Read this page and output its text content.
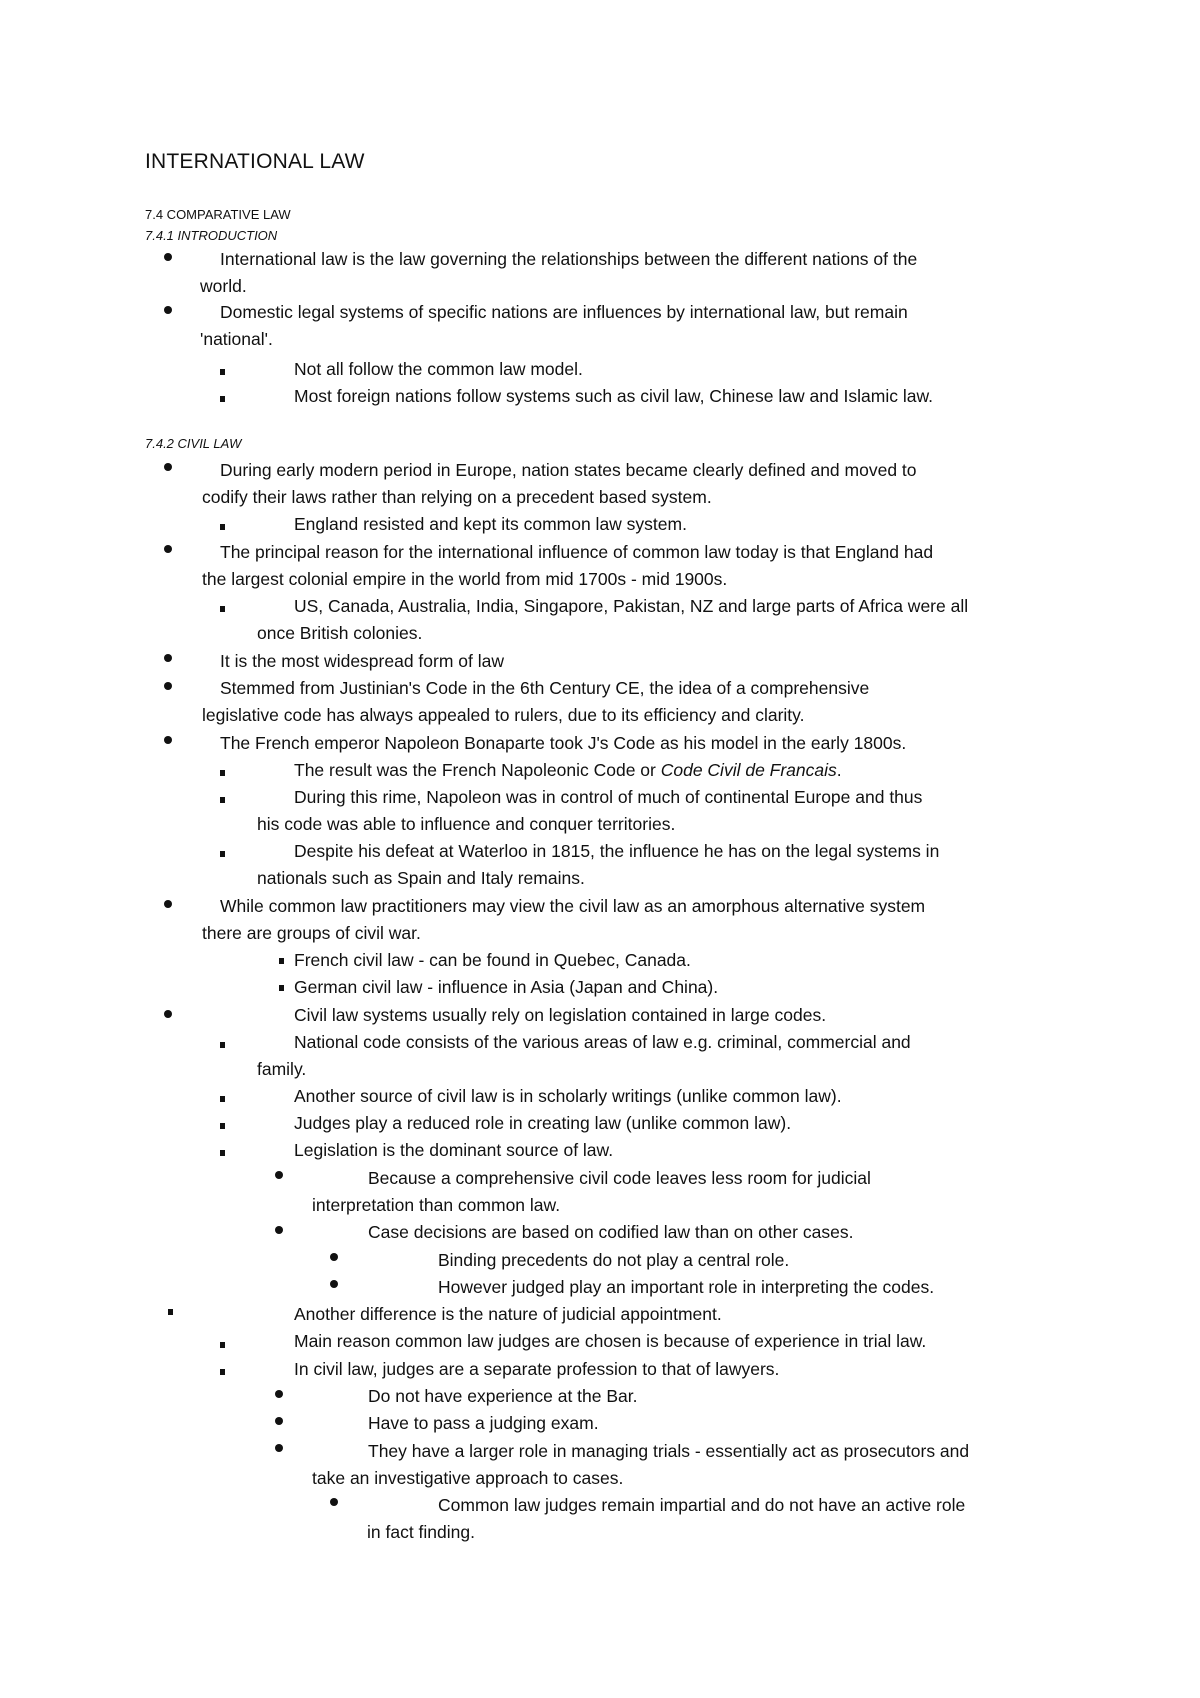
INTERNATIONAL LAW
7.4 COMPARATIVE LAW
7.4.1 INTRODUCTION
International law is the law governing the relationships between the different nations of the
world.
Domestic legal systems of specific nations are influences by international law, but remain
'national'.
Not all follow the common law model.
Most foreign nations follow systems such as civil law, Chinese law and Islamic law.
7.4.2 CIVIL LAW
During early modern period in Europe, nation states became clearly defined and moved to
codify their laws rather than relying on a precedent based system.
England resisted and kept its common law system.
The principal reason for the international influence of common law today is that England had
the largest colonial empire in the world from mid 1700s - mid 1900s.
US, Canada, Australia, India, Singapore, Pakistan, NZ and large parts of Africa were all
once British colonies.
It is the most widespread form of law
Stemmed from Justinian's Code in the 6th Century CE, the idea of a comprehensive
legislative code has always appealed to rulers, due to its efficiency and clarity.
The French emperor Napoleon Bonaparte took J's Code as his model in the early 1800s.
The result was the French Napoleonic Code or Code Civil de Francais.
During this rime, Napoleon was in control of much of continental Europe and thus
his code was able to influence and conquer territories.
Despite his defeat at Waterloo in 1815, the influence he has on the legal systems in
nationals such as Spain and Italy remains.
While common law practitioners may view the civil law as an amorphous alternative system
there are groups of civil war.
French civil law - can be found in Quebec, Canada.
German civil law - influence in Asia (Japan and China).
Civil law systems usually rely on legislation contained in large codes.
National code consists of the various areas of law e.g. criminal, commercial and
family.
Another source of civil law is in scholarly writings (unlike common law).
Judges play a reduced role in creating law (unlike common law).
Legislation is the dominant source of law.
Because a comprehensive civil code leaves less room for judicial
interpretation than common law.
Case decisions are based on codified law than on other cases.
Binding precedents do not play a central role.
However judged play an important role in interpreting the codes.
Another difference is the nature of judicial appointment.
Main reason common law judges are chosen is because of experience in trial law.
In civil law, judges are a separate profession to that of lawyers.
Do not have experience at the Bar.
Have to pass a judging exam.
They have a larger role in managing trials - essentially act as prosecutors and
take an investigative approach to cases.
Common law judges remain impartial and do not have an active role
in fact finding.
